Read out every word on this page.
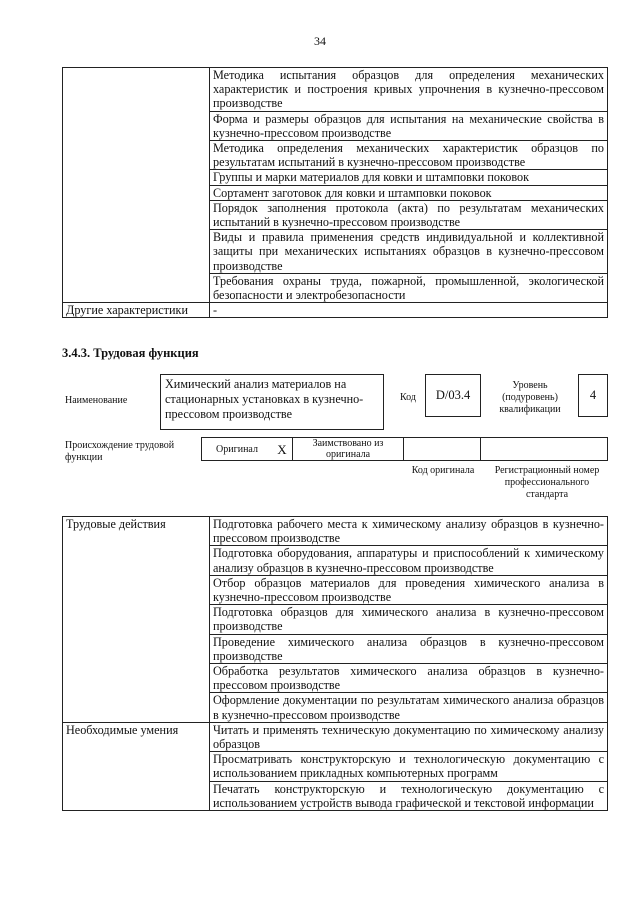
34
	Методика испытания образцов для определения механических характеристик и построения кривых упрочнения в кузнечно-прессовом производстве
	Форма и размеры образцов для испытания на механические свойства в кузнечно-прессовом производстве
	Методика определения механических характеристик образцов по результатам испытаний в кузнечно-прессовом производстве
	Группы и марки материалов для ковки и штамповки поковок
	Сортамент заготовок для ковки и штамповки поковок
	Порядок заполнения протокола (акта) по результатам механических испытаний в кузнечно-прессовом производстве
	Виды и правила применения средств индивидуальной и коллективной защиты при механических испытаниях образцов в кузнечно-прессовом производстве
	Требования охраны труда, пожарной, промышленной, экологической безопасности и электробезопасности
Другие характеристики	-
3.4.3. Трудовая функция
Наименование
Химический анализ материалов на стационарных установках в кузнечно-прессовом производстве
Код	D/03.4
Уровень (подуровень) квалификации
4
Происхождение трудовой функции
Оригинал	X	Заимствовано из оригинала		
Код оригинала	Регистрационный номер профессионального стандарта
Трудовые действия	Подготовка рабочего места к химическому анализу образцов в кузнечно-прессовом производстве
	Подготовка оборудования, аппаратуры и приспособлений к химическому анализу образцов в кузнечно-прессовом производстве
	Отбор образцов материалов для проведения химического анализа в кузнечно-прессовом производстве
	Подготовка образцов для химического анализа в кузнечно-прессовом производстве
	Проведение химического анализа образцов в кузнечно-прессовом производстве
	Обработка результатов химического анализа образцов в кузнечно-прессовом производстве
	Оформление документации по результатам химического анализа образцов в кузнечно-прессовом производстве
Необходимые умения	Читать и применять техническую документацию по химическому анализу образцов
	Просматривать конструкторскую и технологическую документацию с использованием прикладных компьютерных программ
	Печатать конструкторскую и технологическую документацию с использованием устройств вывода графической и текстовой информации
